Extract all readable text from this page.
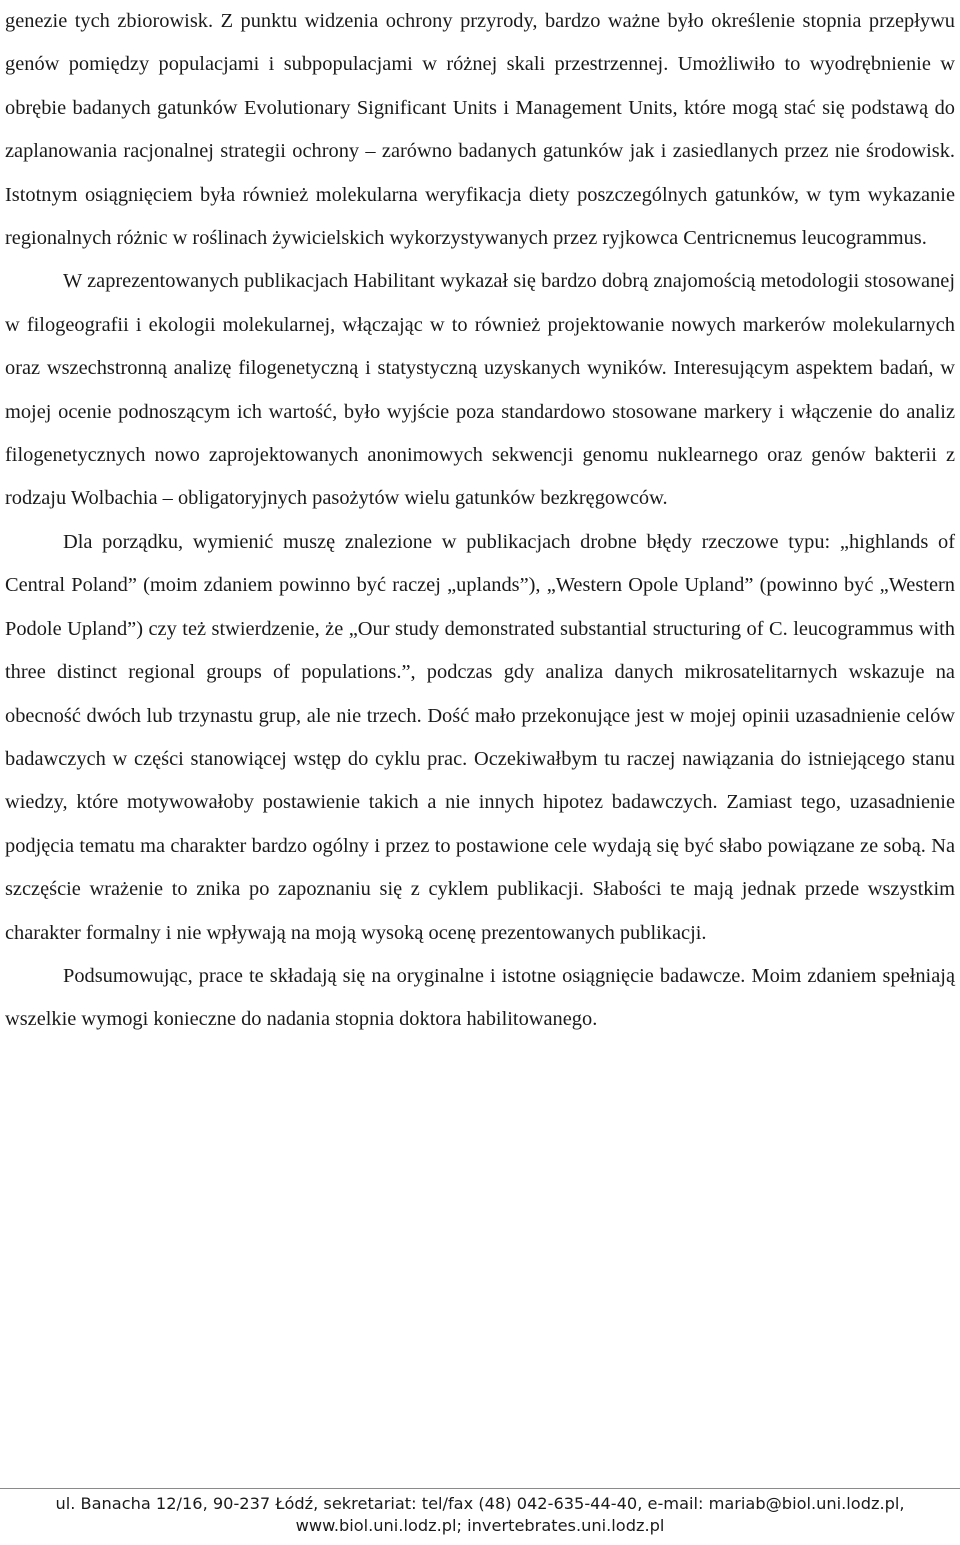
genezie tych zbiorowisk. Z punktu widzenia ochrony przyrody, bardzo ważne było określenie stopnia przepływu genów pomiędzy populacjami i subpopulacjami w różnej skali przestrzennej. Umożliwiło to wyodrębnienie w obrębie badanych gatunków Evolutionary Significant Units i Management Units, które mogą stać się podstawą do zaplanowania racjonalnej strategii ochrony – zarówno badanych gatunków jak i zasiedlanych przez nie środowisk. Istotnym osiągnięciem była również molekularna weryfikacja diety poszczególnych gatunków, w tym wykazanie regionalnych różnic w roślinach żywicielskich wykorzystywanych przez ryjkowca Centricnemus leucogrammus.

W zaprezentowanych publikacjach Habilitant wykazał się bardzo dobrą znajomością metodologii stosowanej w filogeografii i ekologii molekularnej, włączając w to również projektowanie nowych markerów molekularnych oraz wszechstronną analizę filogenetyczną i statystyczną uzyskanych wyników. Interesującym aspektem badań, w mojej ocenie podnoszącym ich wartość, było wyjście poza standardowo stosowane markery i włączenie do analiz filogenetycznych nowo zaprojektowanych anonimowych sekwencji genomu nuklearnego oraz genów bakterii z rodzaju Wolbachia – obligatoryjnych pasożytów wielu gatunków bezkręgowców.

Dla porządku, wymienić muszę znalezione w publikacjach drobne błędy rzeczowe typu: „highlands of Central Poland” (moim zdaniem powinno być raczej „uplands”), „Western Opole Upland” (powinno być „Western Podole Upland”) czy też stwierdzenie, że „Our study demonstrated substantial structuring of C. leucogrammus with three distinct regional groups of populations.”, podczas gdy analiza danych mikrosatelitarnych wskazuje na obecność dwóch lub trzynastu grup, ale nie trzech. Dość mało przekonujące jest w mojej opinii uzasadnienie celów badawczych w części stanowiącej wstęp do cyklu prac. Oczekiwałbym tu raczej nawiązania do istniejącego stanu wiedzy, które motywowałoby postawienie takich a nie innych hipotez badawczych. Zamiast tego, uzasadnienie podjęcia tematu ma charakter bardzo ogólny i przez to postawione cele wydają się być słabo powiązane ze sobą. Na szczęście wrażenie to znika po zapoznaniu się z cyklem publikacji. Słabości te mają jednak przede wszystkim charakter formalny i nie wpływają na moją wysoką ocenę prezentowanych publikacji.

Podsumowując, prace te składają się na oryginalne i istotne osiągnięcie badawcze. Moim zdaniem spełniają wszelkie wymogi konieczne do nadania stopnia doktora habilitowanego.

ul. Banacha 12/16, 90-237 Łódź, sekretariat: tel/fax (48) 042-635-44-40, e-mail: mariab@biol.uni.lodz.pl,
www.biol.uni.lodz.pl; invertebrates.uni.lodz.pl
